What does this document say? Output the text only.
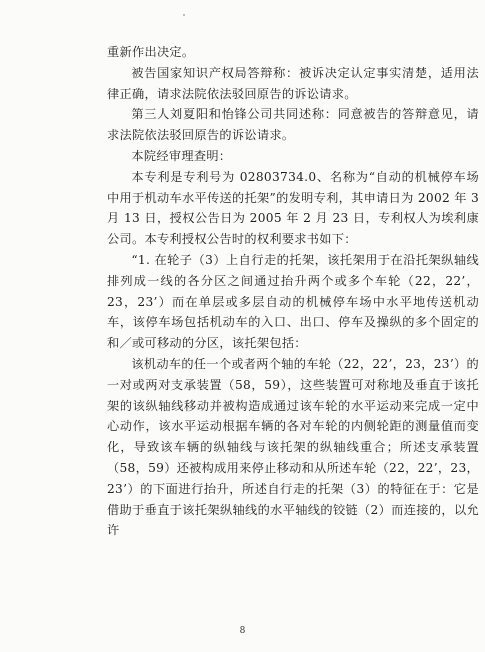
重新作出决定。

被告国家知识产权局答辩称：被诉决定认定事实清楚，适用法律正确，请求法院依法驳回原告的诉讼请求。

第三人刘夏阳和怡锋公司共同述称：同意被告的答辩意见，请求法院依法驳回原告的诉讼请求。

本院经审理查明：

本专利是专利号为 02803734.0、名称为“自动的机械停车场中用于机动车水平传送的托架”的发明专利，其申请日为 2002 年 3 月 13 日，授权公告日为 2005 年 2 月 23 日，专利权人为埃利康公司。本专利授权公告时的权利要求书如下：

“1. 在轮子（3）上自行走的托架，该托架用于在沿托架纵轴线排列成一线的各分区之间通过抬升两个或多个车轮（22，22’，23，23’）而在单层或多层自动的机械停车场中水平地传送机动车，该停车场包括机动车的入口、出口、停车及操纵的多个固定的和／或可移动的分区，该托架包括：

该机动车的任一个或者两个轴的车轮（22，22’，23，23’）的一对或两对支承装置（58，59），这些装置可对称地及垂直于该托架的该纵轴线移动并被构造成通过该车轮的水平运动来完成一定中心动作，该水平运动根据车辆的各对车轮的内侧轮距的测量值而变化，导致该车辆的纵轴线与该托架的纵轴线重合；所述支承装置（58，59）还被构成用来停止移动和从所述车轮（22，22’，23，23’）的下面进行抬升，所述自行走的托架（3）的特征在于：它是借助于垂直于该托架纵轴线的水平轴线的铰链（2）而连接的，以允许

8
